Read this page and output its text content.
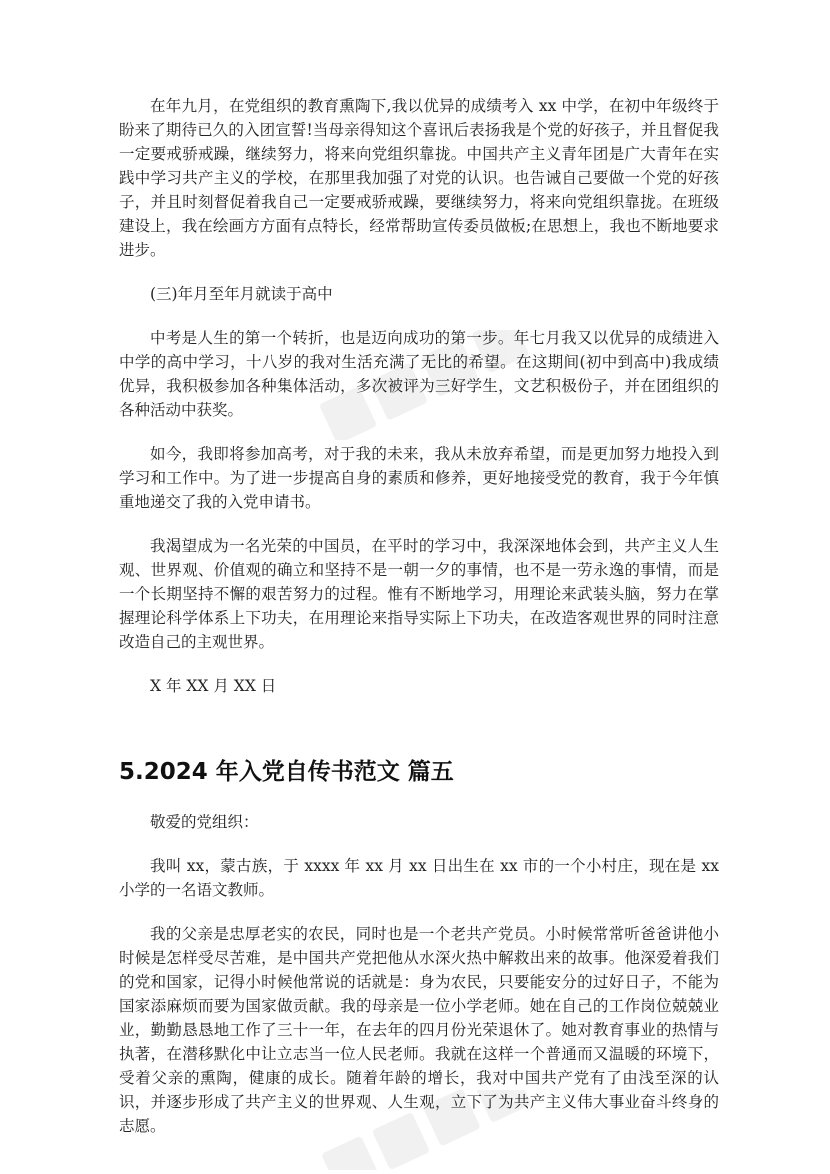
在年九月，在党组织的教育熏陶下,我以优异的成绩考入 xx 中学，在初中年级终于盼来了期待已久的入团宣誓!当母亲得知这个喜讯后表扬我是个党的好孩子，并且督促我一定要戒骄戒躁，继续努力，将来向党组织靠拢。中国共产主义青年团是广大青年在实践中学习共产主义的学校，在那里我加强了对党的认识。也告诫自己要做一个党的好孩子，并且时刻督促着我自己一定要戒骄戒躁，要继续努力，将来向党组织靠拢。在班级建设上，我在绘画方方面有点特长，经常帮助宣传委员做板;在思想上，我也不断地要求进步。

(三)年月至年月就读于高中

中考是人生的第一个转折，也是迈向成功的第一步。年七月我又以优异的成绩进入中学的高中学习，十八岁的我对生活充满了无比的希望。在这期间(初中到高中)我成绩优异，我积极参加各种集体活动，多次被评为三好学生，文艺积极份子，并在团组织的各种活动中获奖。

如今，我即将参加高考，对于我的未来，我从未放弃希望，而是更加努力地投入到学习和工作中。为了进一步提高自身的素质和修养，更好地接受党的教育，我于今年慎重地递交了我的入党申请书。

我渴望成为一名光荣的中国员，在平时的学习中，我深深地体会到，共产主义人生观、世界观、价值观的确立和坚持不是一朝一夕的事情，也不是一劳永逸的事情，而是一个长期坚持不懈的艰苦努力的过程。惟有不断地学习，用理论来武装头脑，努力在掌握理论科学体系上下功夫，在用理论来指导实际上下功夫，在改造客观世界的同时注意改造自己的主观世界。

X 年 XX 月 XX 日

5.2024 年入党自传书范文 篇五

敬爱的党组织：

我叫 xx，蒙古族，于 xxxx 年 xx 月 xx 日出生在 xx 市的一个小村庄，现在是 xx 小学的一名语文教师。

我的父亲是忠厚老实的农民，同时也是一个老共产党员。小时候常常听爸爸讲他小时候是怎样受尽苦难，是中国共产党把他从水深火热中解救出来的故事。他深爱着我们的党和国家，记得小时候他常说的话就是：身为农民，只要能安分的过好日子，不能为国家添麻烦而要为国家做贡献。我的母亲是一位小学老师。她在自己的工作岗位兢兢业业，勤勤恳恳地工作了三十一年，在去年的四月份光荣退休了。她对教育事业的热情与执著，在潜移默化中让立志当一位人民老师。我就在这样一个普通而又温暖的环境下，受着父亲的熏陶，健康的成长。随着年龄的增长，我对中国共产党有了由浅至深的认识，并逐步形成了共产主义的世界观、人生观，立下了为共产主义伟大事业奋斗终身的志愿。
